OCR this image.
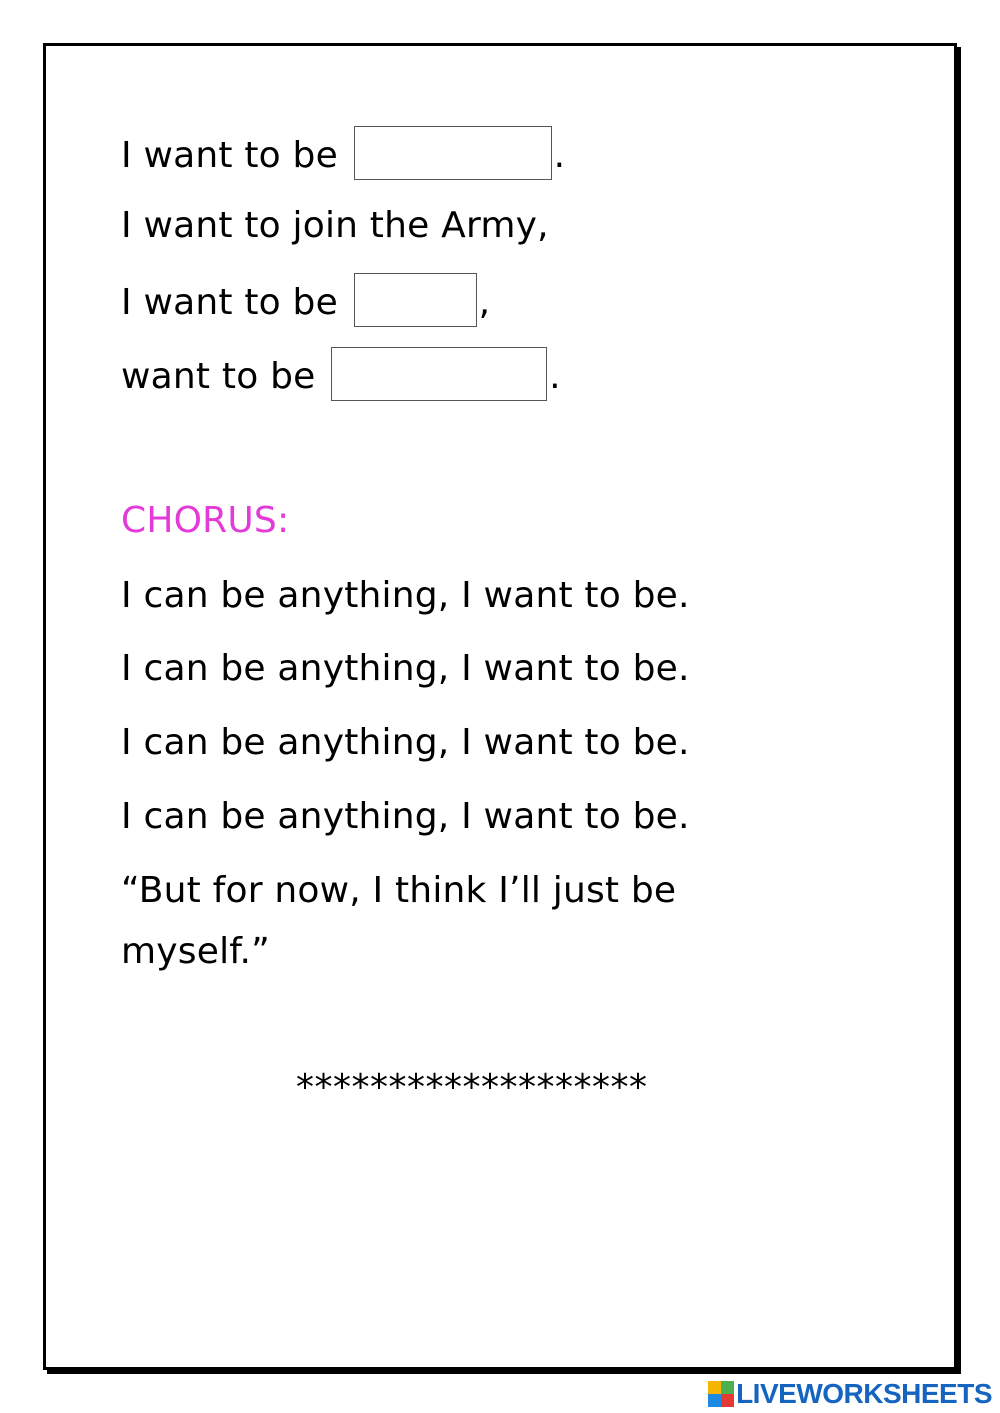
I want to be	.
I want to join the Army,
I want to be	,
want to be	.
CHORUS:
I can be anything, I want to be.
I can be anything, I want to be.
I can be anything, I want to be.
I can be anything, I want to be.
“But for now, I think I’ll just be
myself.”
*******************
LIVEWORKSHEETS
